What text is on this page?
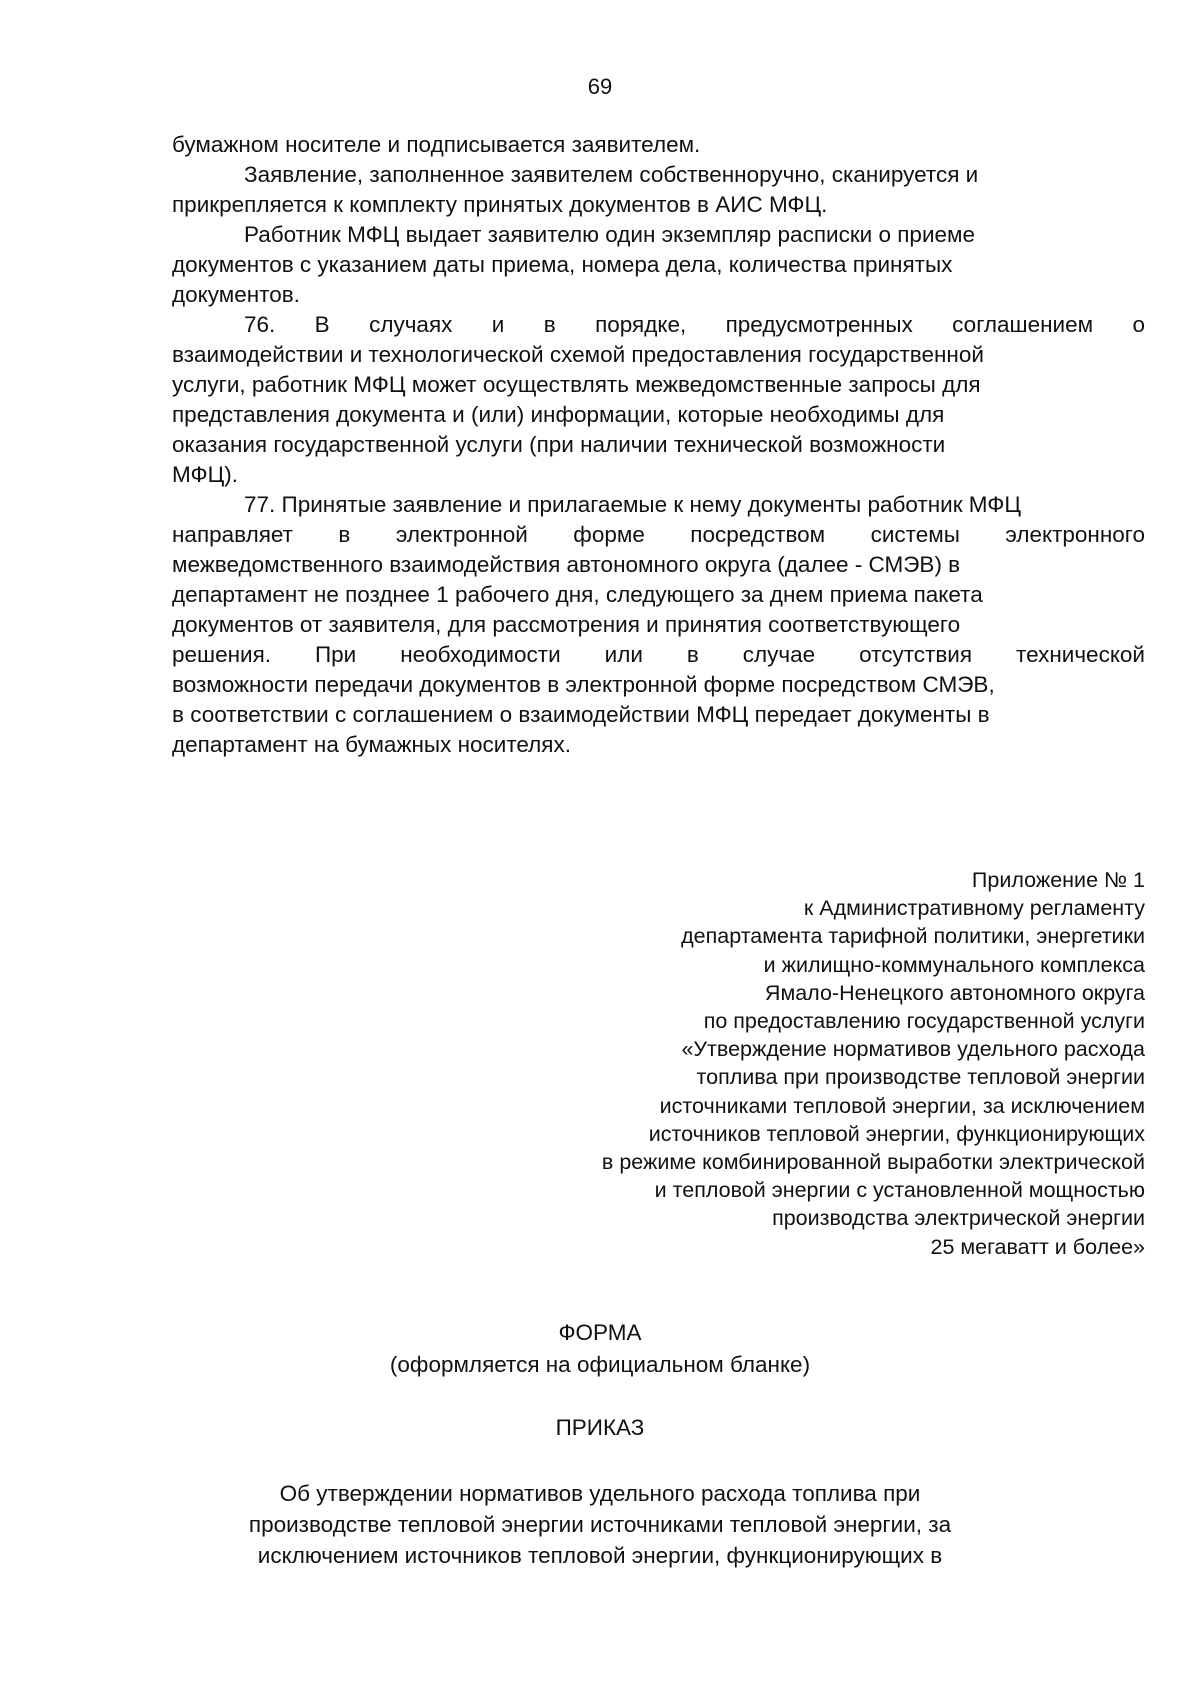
69
бумажном носителе и подписывается заявителем.
Заявление, заполненное заявителем собственноручно, сканируется и
прикрепляется к комплекту принятых документов в АИС МФЦ.
Работник МФЦ выдает заявителю один экземпляр расписки о приеме
документов с указанием даты приема, номера дела, количества принятых
документов.
76. В случаях и в порядке, предусмотренных соглашением о
взаимодействии и технологической схемой предоставления государственной
услуги, работник МФЦ может осуществлять межведомственные запросы для
представления документа и (или) информации, которые необходимы для
оказания государственной услуги (при наличии технической возможности
МФЦ).
77. Принятые заявление и прилагаемые к нему документы работник МФЦ
направляет в электронной форме посредством системы электронного
межведомственного взаимодействия автономного округа (далее - СМЭВ) в
департамент не позднее 1 рабочего дня, следующего за днем приема пакета
документов от заявителя, для рассмотрения и принятия соответствующего
решения. При необходимости или в случае отсутствия технической
возможности передачи документов в электронной форме посредством СМЭВ,
в соответствии с соглашением о взаимодействии МФЦ передает документы в
департамент на бумажных носителях.
Приложение № 1
к Административному регламенту
департамента тарифной политики, энергетики
и жилищно-коммунального комплекса
Ямало-Ненецкого автономного округа
по предоставлению государственной услуги
«Утверждение нормативов удельного расхода
топлива при производстве тепловой энергии
источниками тепловой энергии, за исключением
источников тепловой энергии, функционирующих
в режиме комбинированной выработки электрической
и тепловой энергии с установленной мощностью
производства электрической энергии
25 мегаватт и более»
ФОРМА
(оформляется на официальном бланке)
ПРИКАЗ
Об утверждении нормативов удельного расхода топлива при
производстве тепловой энергии источниками тепловой энергии, за
исключением источников тепловой энергии, функционирующих в
